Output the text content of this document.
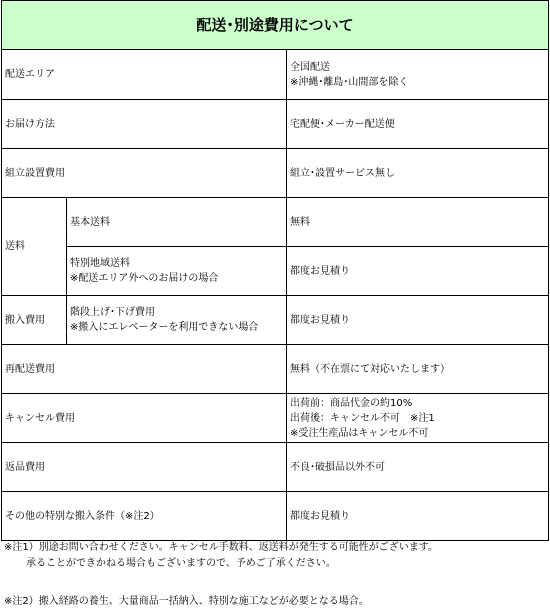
配送･別途費用について		
配送エリア		全国配送
※沖縄･離島･山間部を除く

お届け方法		宅配便･メーカー配送便
組立設置費用		組立･設置サービス無し
送料	基本送料	無料

	特別地域送料
※配送エリア外へのお届けの場合	都度お見積り
搬入費用	階段上げ･下げ費用
※搬入にエレベーターを利用できない場合	都度お見積り
再配送費用		無料（不在票にて対応いたします）
キャンセル費用		出荷前：商品代金の約10%
出荷後：キャンセル不可　※注1
※受注生産品はキャンセル不可

返品費用		不良･破損品以外不可
その他の特別な搬入条件（※注2）		都度お見積り
※注1）別途お問い合わせください。キャンセル手数料、返送料が発生する可能性がございます。
承ることができかねる場合もございますので、予めご了承ください。
※注2）搬入経路の養生、大量商品一括納入、特別な施工などが必要となる場合。
